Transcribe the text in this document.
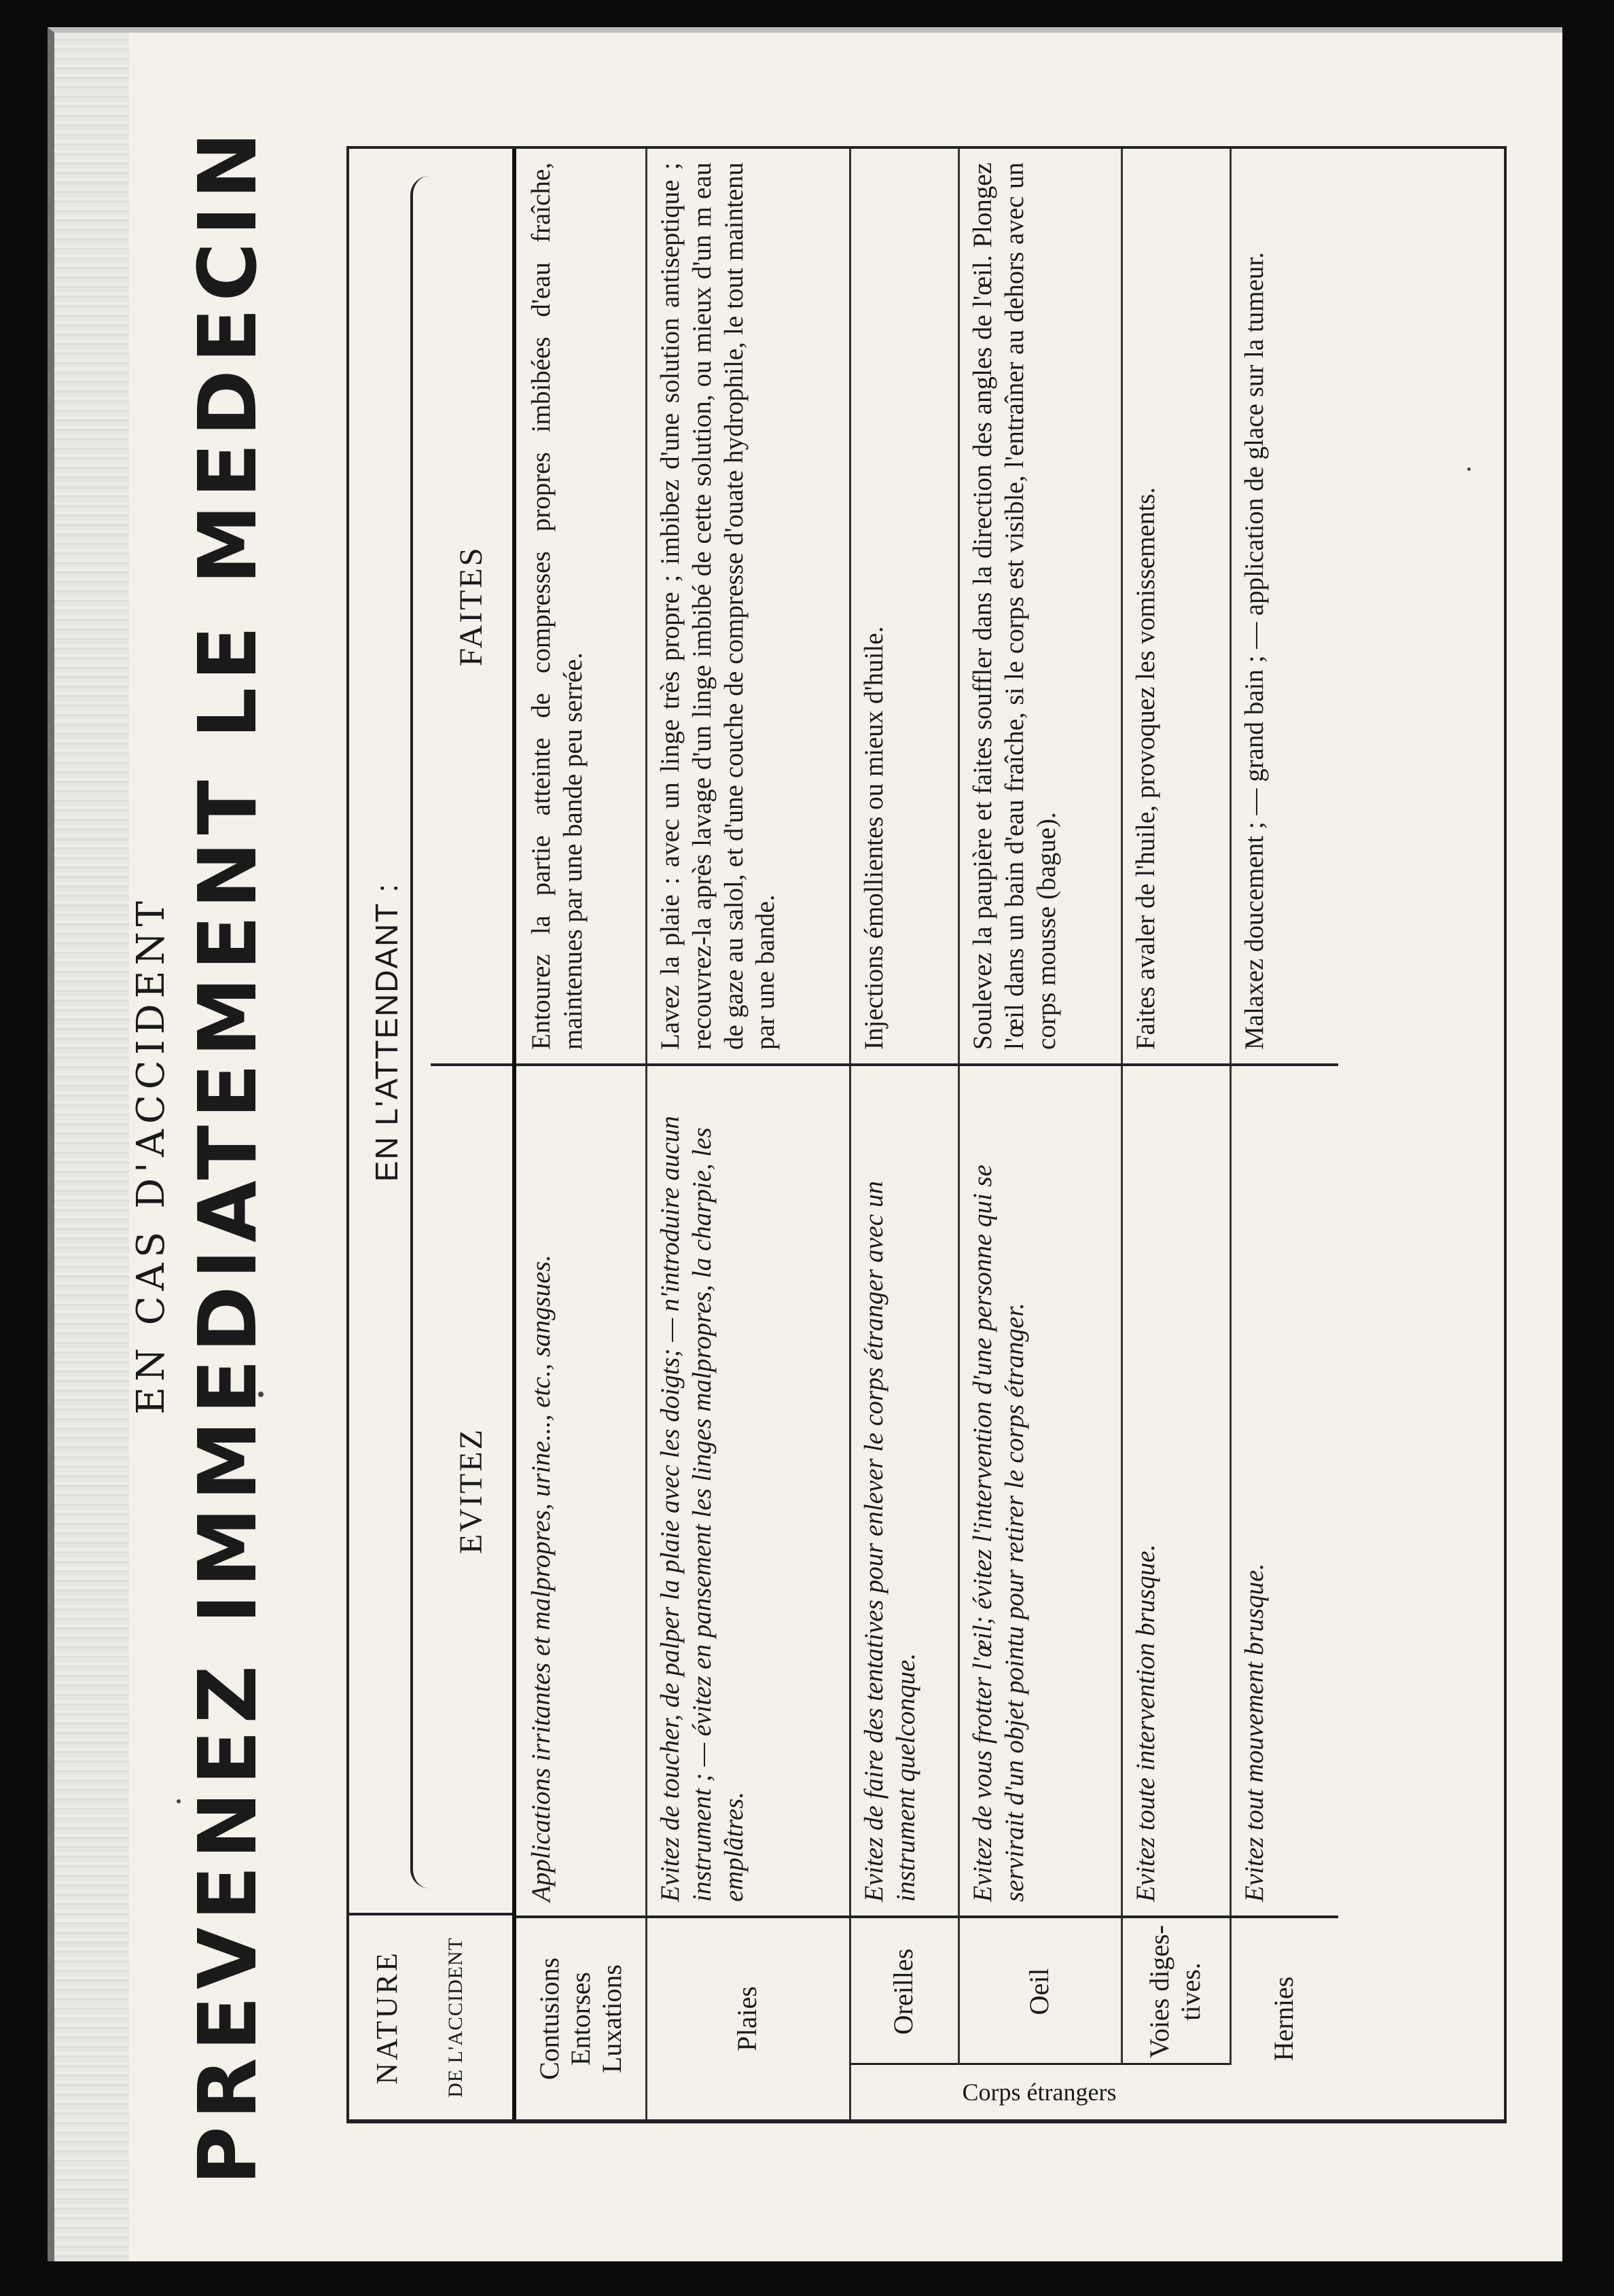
EN CAS D'ACCIDENT PREVENEZ IMMEDIATEMENT LE MEDECIN	NATURE DE L'ACCIDENT
EN L'ATTENDANT :
EVITEZ
FAITES
Contusions Entorses Luxations
Applications irritantes et malpropres, urine..., etc., sangsues.
Entourez la partie atteinte de compresses propres imbibées d'eau fraîche, maintenues par une bande peu serrée.
Plaies
Evitez de toucher, de palper la plaie avec les doigts; — n'introduire aucun instrument ; — évitez en pansement les linges malpropres, la charpie, les emplâtres.
Lavez la plaie : avec un linge très propre ; imbibez d'une solution antiseptique ; recouvrez-la après lavage d'un linge imbibé de cette solution, ou mieux d'un m eau de gaze au salol, et d'une couche de compresse d'ouate hydrophile, le tout maintenu par une bande.
Corps étrangers
Oreilles
Evitez de faire des tentatives pour enlever le corps étranger avec un instrument quelconque.
Injections émollientes ou mieux d'huile.
Oeil
Evitez de vous frotter l'œil; évitez l'intervention d'une personne qui se servirait d'un objet pointu pour retirer le corps étranger.
Soulevez la paupière et faites souffler dans la direction des angles de l'œil. Plongez l'œil dans un bain d'eau fraîche, si le corps est visible, l'entraîner au dehors avec un corps mousse (bague).
Voies diges- tives.
Evitez toute intervention brusque.
Faites avaler de l'huile, provoquez les vomissements.
Hernies
Evitez tout mouvement brusque.
Malaxez doucement ; — grand bain ; — application de glace sur la tumeur.
